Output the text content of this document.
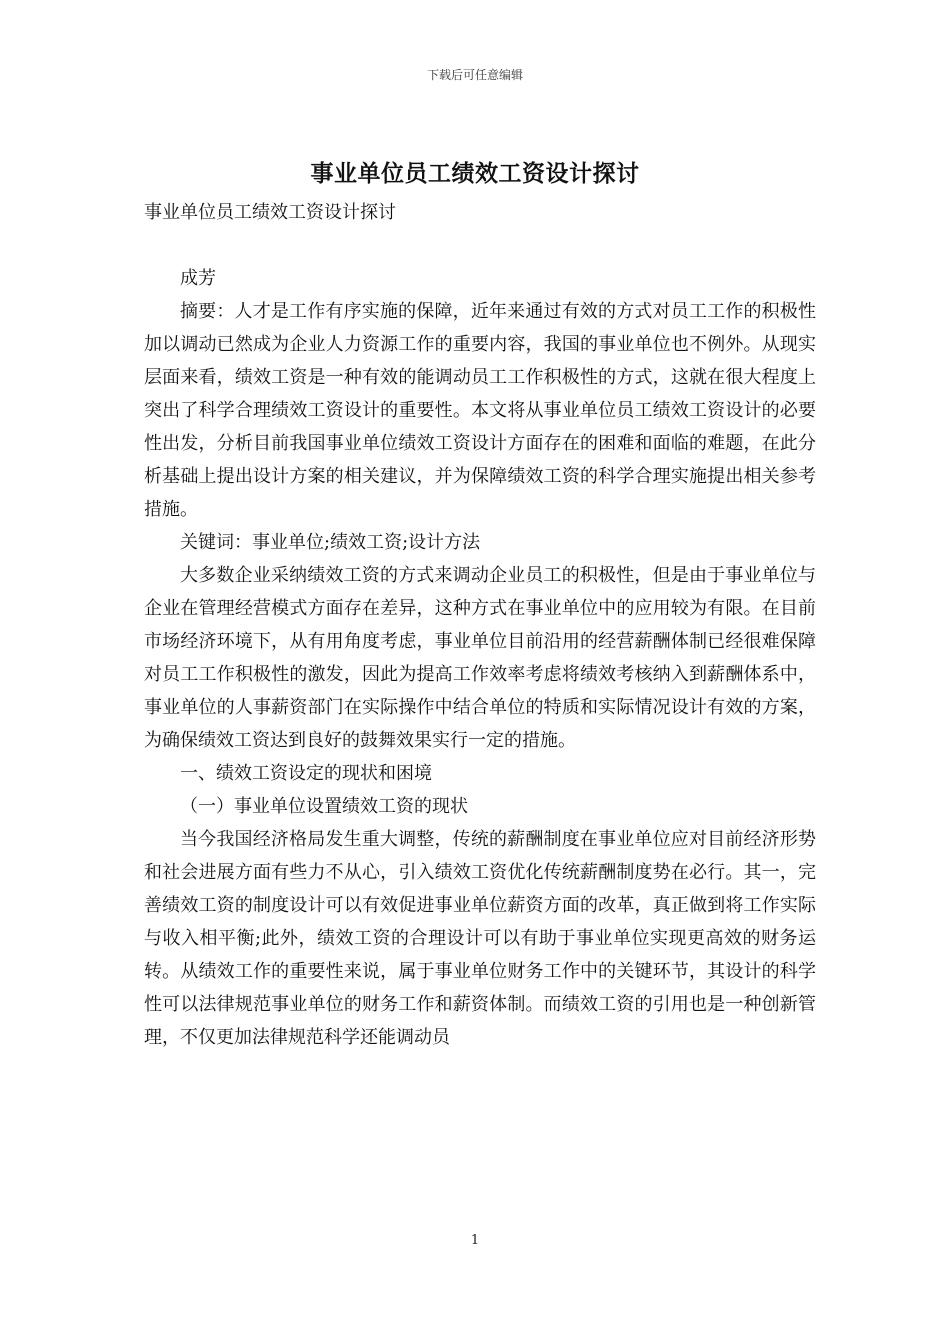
下载后可任意编辑
事业单位员工绩效工资设计探讨

事业单位员工绩效工资设计探讨

成芳

摘要：人才是工作有序实施的保障，近年来通过有效的方式对员工工作的积极性加以调动已然成为企业人力资源工作的重要内容，我国的事业单位也不例外。从现实层面来看，绩效工资是一种有效的能调动员工工作积极性的方式，这就在很大程度上突出了科学合理绩效工资设计的重要性。本文将从事业单位员工绩效工资设计的必要性出发，分析目前我国事业单位绩效工资设计方面存在的困难和面临的难题，在此分析基础上提出设计方案的相关建议，并为保障绩效工资的科学合理实施提出相关参考措施。

关键词：事业单位;绩效工资;设计方法

大多数企业采纳绩效工资的方式来调动企业员工的积极性，但是由于事业单位与企业在管理经营模式方面存在差异，这种方式在事业单位中的应用较为有限。在目前市场经济环境下，从有用角度考虑，事业单位目前沿用的经营薪酬体制已经很难保障对员工工作积极性的激发，因此为提高工作效率考虑将绩效考核纳入到薪酬体系中，事业单位的人事薪资部门在实际操作中结合单位的特质和实际情况设计有效的方案，为确保绩效工资达到良好的鼓舞效果实行一定的措施。

一、绩效工资设定的现状和困境

（一）事业单位设置绩效工资的现状

当今我国经济格局发生重大调整，传统的薪酬制度在事业单位应对目前经济形势和社会进展方面有些力不从心，引入绩效工资优化传统薪酬制度势在必行。其一，完善绩效工资的制度设计可以有效促进事业单位薪资方面的改革，真正做到将工作实际与收入相平衡;此外，绩效工资的合理设计可以有助于事业单位实现更高效的财务运转。从绩效工作的重要性来说，属于事业单位财务工作中的关键环节，其设计的科学性可以法律规范事业单位的财务工作和薪资体制。而绩效工资的引用也是一种创新管理，不仅更加法律规范科学还能调动员

1
